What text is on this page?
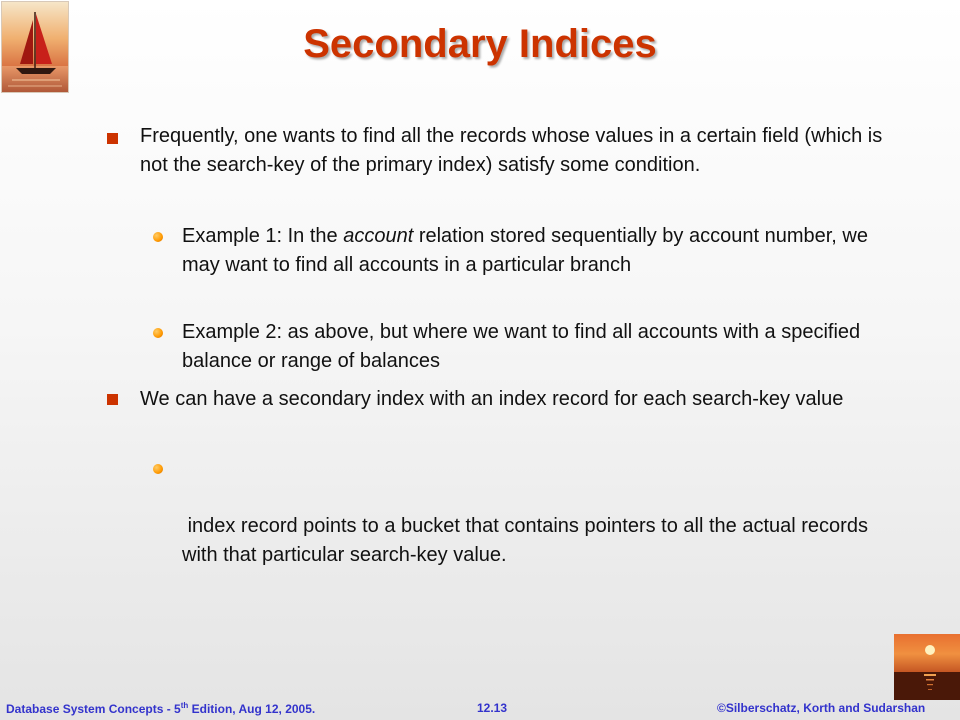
Secondary Indices
Frequently, one wants to find all the records whose values in a certain field (which is not the search-key of the primary index) satisfy some condition.
Example 1: In the account relation stored sequentially by account number, we may want to find all accounts in a particular branch
Example 2: as above, but where we want to find all accounts with a specified balance or range of balances
We can have a secondary index with an index record for each search-key value

index record points to a bucket that contains pointers to all the actual records with that particular search-key value.

Database System Concepts - 5th Edition, Aug 12, 2005.	12.13	©Silberschatz, Korth and Sudarshan
